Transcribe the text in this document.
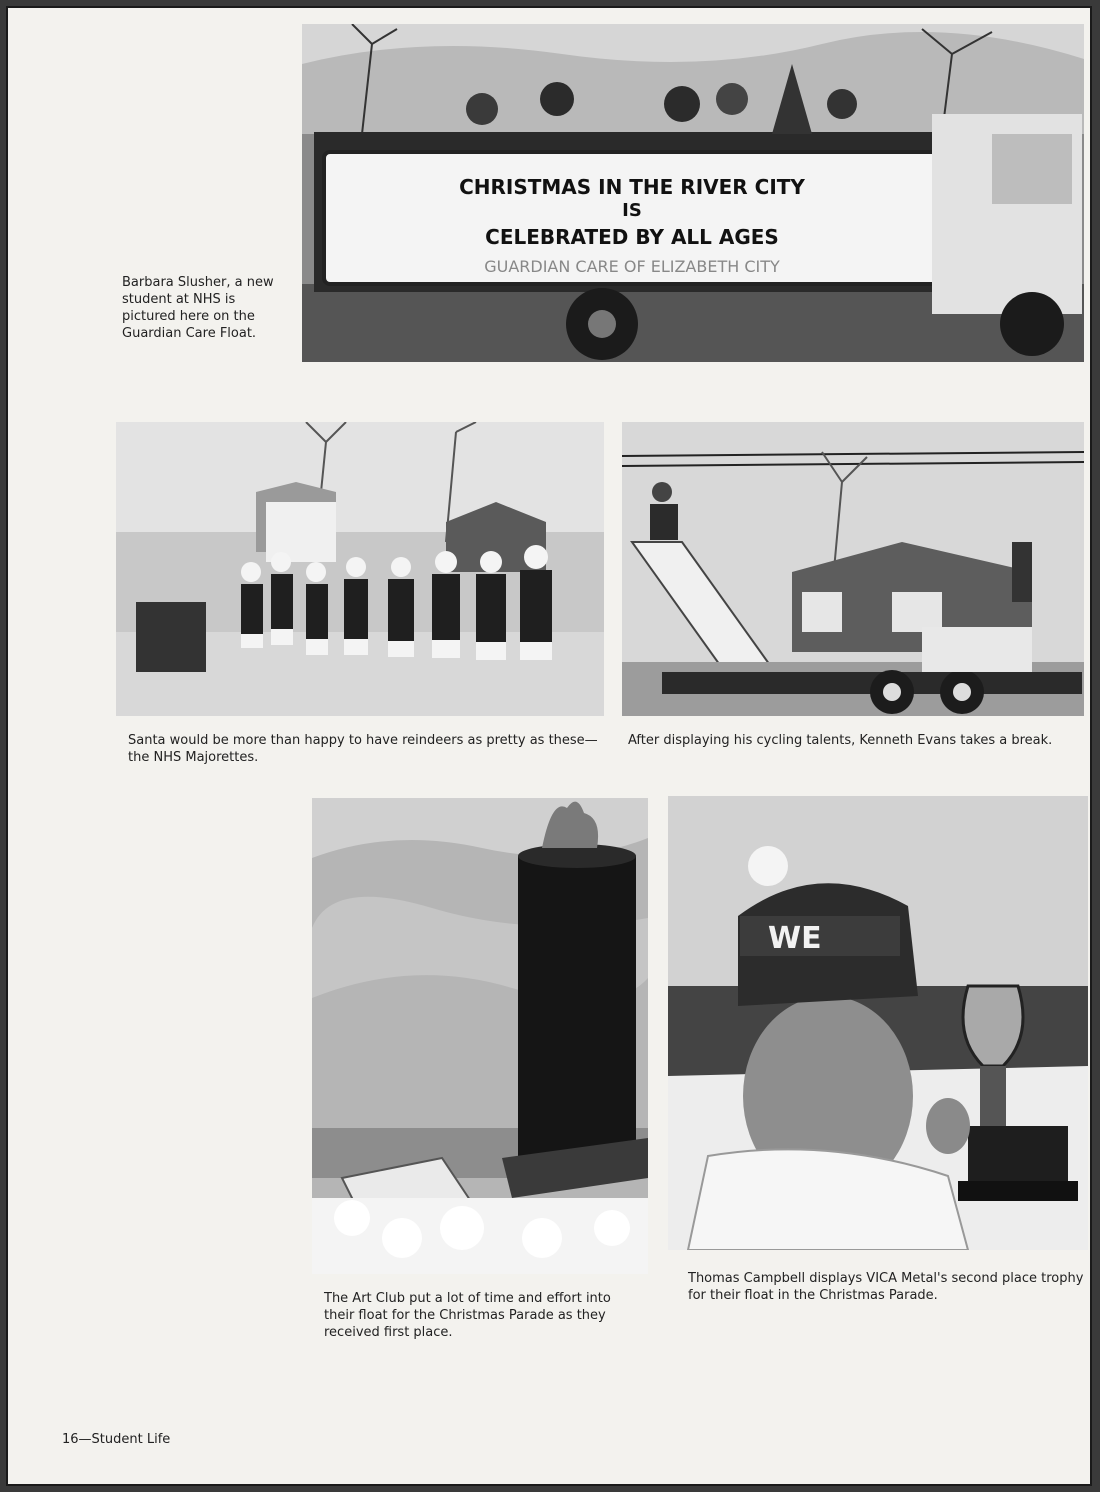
CHRISTMAS IN THE RIVER CITY
IS
CELEBRATED BY ALL AGES
GUARDIAN CARE OF ELIZABETH CITY
Barbara Slusher, a new student at NHS is pictured here on the Guardian Care Float.
Santa would be more than happy to have reindeers as pretty as these—the NHS Majorettes.
After displaying his cycling talents, Kenneth Evans takes a break.
The Art Club put a lot of time and effort into their float for the Christmas Parade as they received first place.
WE
Thomas Campbell displays VICA Metal's second place trophy for their float in the Christmas Parade.
16—Student Life
